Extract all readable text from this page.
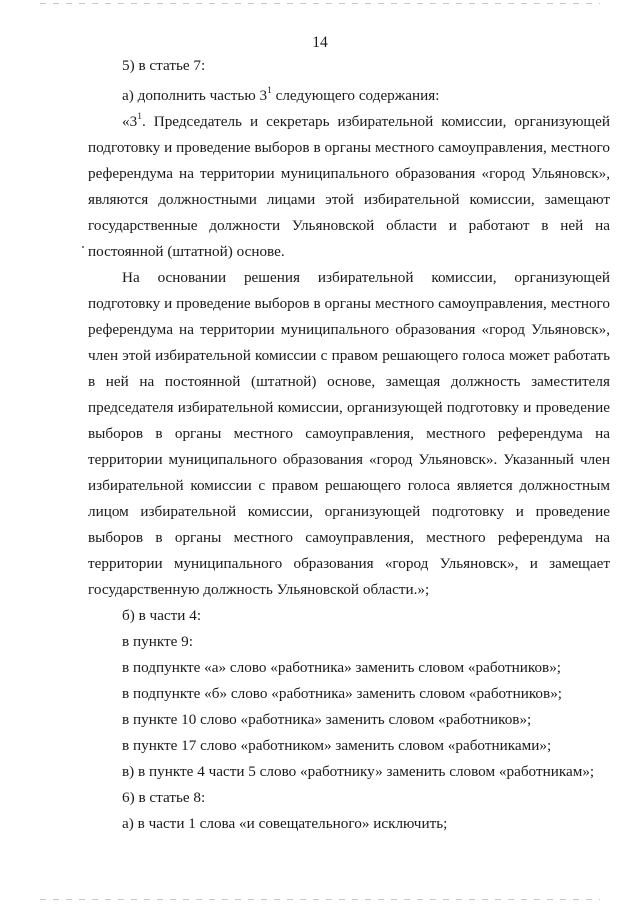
14
5) в статье 7:
а) дополнить частью $3^1$ следующего содержания:
«$3^1$. Председатель и секретарь избирательной комиссии, организующей подготовку и проведение выборов в органы местного самоуправления, местного референдума на территории муниципального образования «город Ульяновск», являются должностными лицами этой избирательной комиссии, замещают государственные должности Ульяновской области и работают в ней на постоянной (штатной) основе.
На основании решения избирательной комиссии, организующей подготовку и проведение выборов в органы местного самоуправления, местного референдума на территории муниципального образования «город Ульяновск», член этой избирательной комиссии с правом решающего голоса может работать в ней на постоянной (штатной) основе, замещая должность заместителя председателя избирательной комиссии, организующей подготовку и проведение выборов в органы местного самоуправления, местного референдума на территории муниципального образования «город Ульяновск». Указанный член избирательной комиссии с правом решающего голоса является должностным лицом избирательной комиссии, организующей подготовку и проведение выборов в органы местного самоуправления, местного референдума на территории муниципального образования «город Ульяновск», и замещает государственную должность Ульяновской области.»;
б) в части 4:
в пункте 9:
в подпункте «а» слово «работника» заменить словом «работников»;
в подпункте «б» слово «работника» заменить словом «работников»;
в пункте 10 слово «работника» заменить словом «работников»;
в пункте 17 слово «работником» заменить словом «работниками»;
в) в пункте 4 части 5 слово «работнику» заменить словом «работникам»;
6) в статье 8:
а) в части 1 слова «и совещательного» исключить;
